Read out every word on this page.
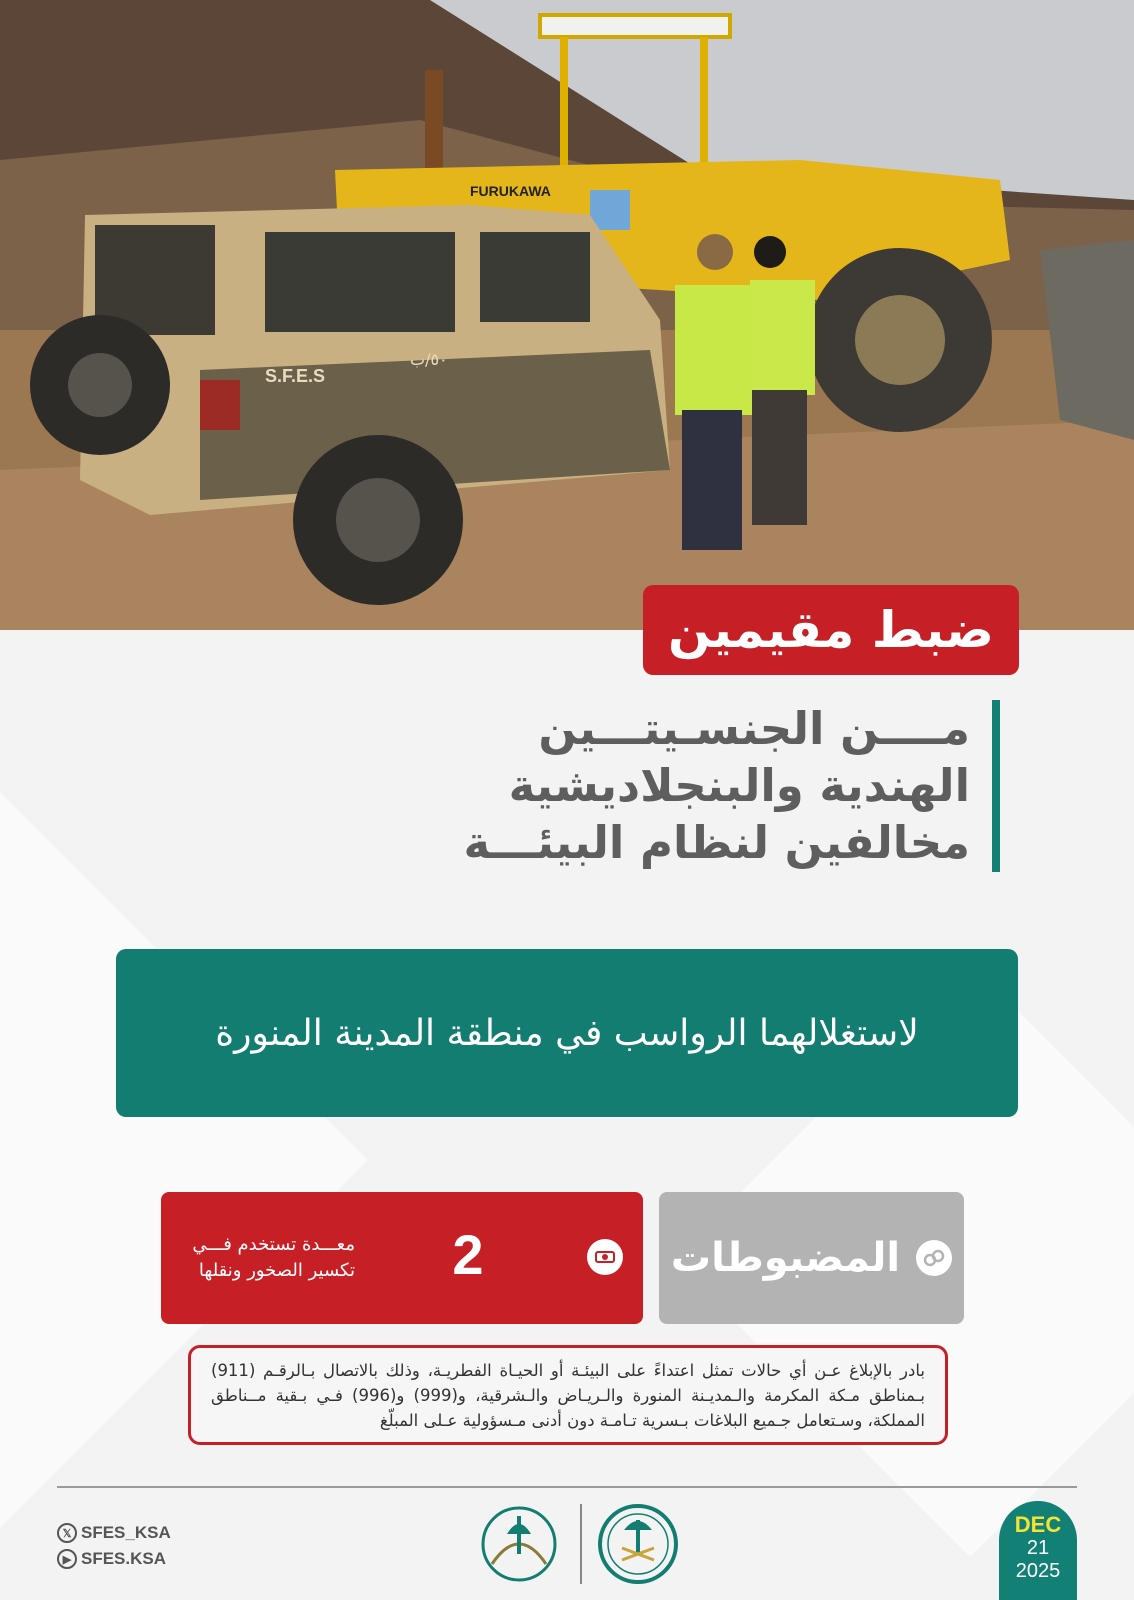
FURUKAWA
S.F.E.S
٥٠/ب
ضبط مقيمين
مــــن الجنسـيتـــين
الهندية والبنجلاديشية
مخالفين لنظام البيئـــة
لاستغلالهما الرواسب في منطقة المدينة المنورة
المضبوطات
2
معـــدة تستخدم فـــي
تكسير الصخور ونقلها
بادر بالإبلاغ عـن أي حالات تمثل اعتداءً على البيئـة أو الحيـاة الفطريـة، وذلك بالاتصال بـالرقـم (911) بـمناطق مـكة المكرمة والـمديـنة المنورة والـريـاض والـشرقية، و(999) و(996) فـي بـقية مــناطق المملكة، وسـتعامل جـميع البلاغات بـسرية تـامـة دون أدنى مـسؤولية عـلى المبلّغ
𝕏 SFES_KSA
▶ SFES.KSA
DEC
21
2025
